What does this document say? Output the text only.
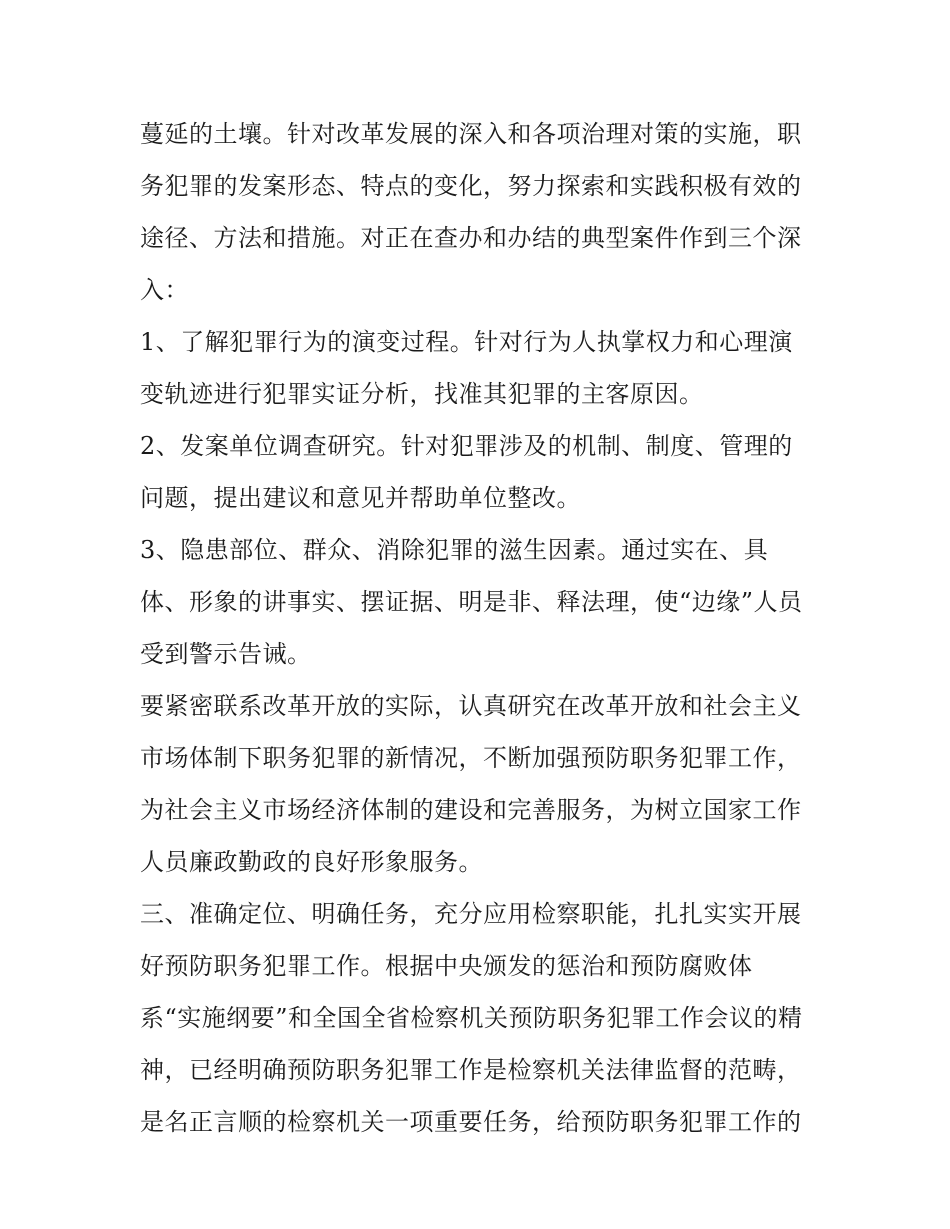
蔓延的土壤。针对改革发展的深入和各项治理对策的实施，职
务犯罪的发案形态、特点的变化，努力探索和实践积极有效的
途径、方法和措施。对正在查办和办结的典型案件作到三个深
入：
1、了解犯罪行为的演变过程。针对行为人执掌权力和心理演
变轨迹进行犯罪实证分析，找准其犯罪的主客原因。
2、发案单位调查研究。针对犯罪涉及的机制、制度、管理的
问题，提出建议和意见并帮助单位整改。
3、隐患部位、群众、消除犯罪的滋生因素。通过实在、具
体、形象的讲事实、摆证据、明是非、释法理，使“边缘”人员
受到警示告诫。
要紧密联系改革开放的实际，认真研究在改革开放和社会主义
市场体制下职务犯罪的新情况，不断加强预防职务犯罪工作，
为社会主义市场经济体制的建设和完善服务，为树立国家工作
人员廉政勤政的良好形象服务。
三、准确定位、明确任务，充分应用检察职能，扎扎实实开展
好预防职务犯罪工作。根据中央颁发的惩治和预防腐败体
系“实施纲要”和全国全省检察机关预防职务犯罪工作会议的精
神，已经明确预防职务犯罪工作是检察机关法律监督的范畴，
是名正言顺的检察机关一项重要任务，给预防职务犯罪工作的
